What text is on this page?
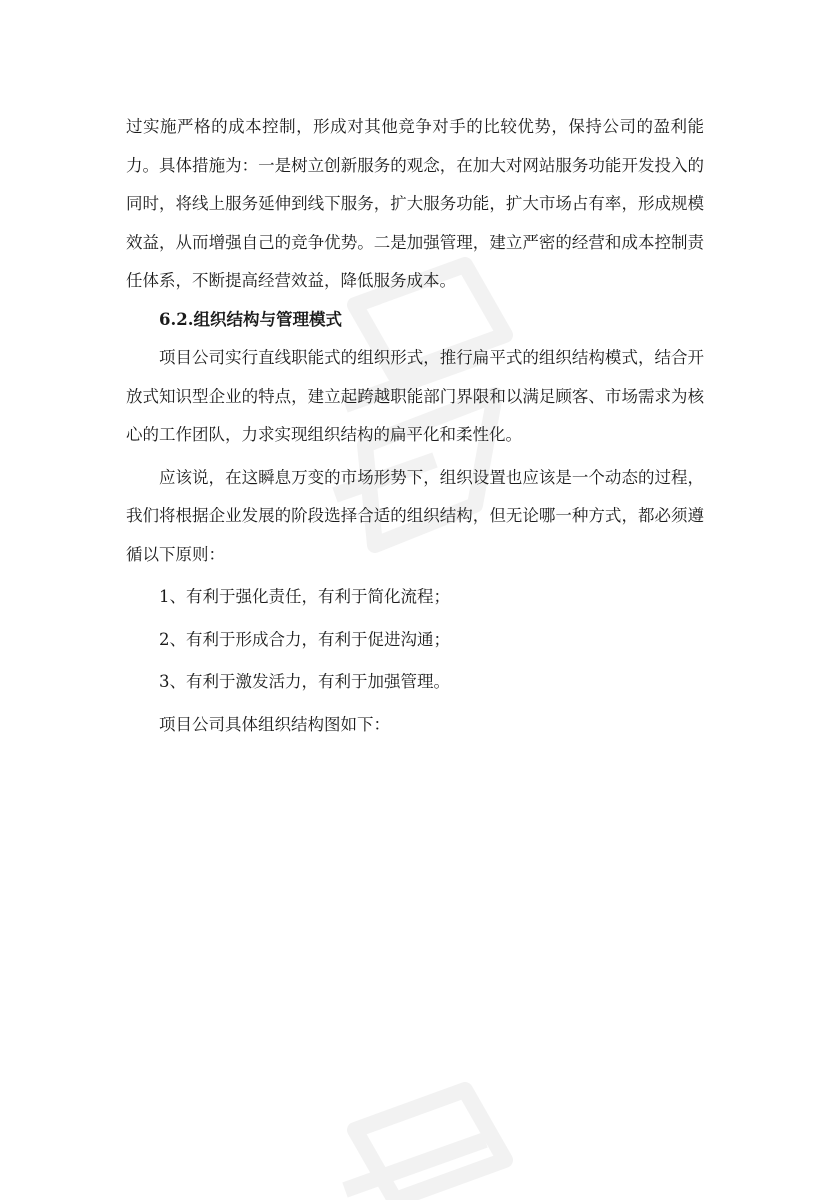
过实施严格的成本控制，形成对其他竞争对手的比较优势，保持公司的盈利能力。具体措施为：一是树立创新服务的观念，在加大对网站服务功能开发投入的同时，将线上服务延伸到线下服务，扩大服务功能，扩大市场占有率，形成规模效益，从而增强自己的竞争优势。二是加强管理，建立严密的经营和成本控制责任体系，不断提高经营效益，降低服务成本。

6.2.组织结构与管理模式

项目公司实行直线职能式的组织形式，推行扁平式的组织结构模式，结合开放式知识型企业的特点，建立起跨越职能部门界限和以满足顾客、市场需求为核心的工作团队，力求实现组织结构的扁平化和柔性化。

应该说，在这瞬息万变的市场形势下，组织设置也应该是一个动态的过程，我们将根据企业发展的阶段选择合适的组织结构，但无论哪一种方式，都必须遵循以下原则：

1、有利于强化责任，有利于简化流程；

2、有利于形成合力，有利于促进沟通；

3、有利于激发活力，有利于加强管理。

项目公司具体组织结构图如下：
